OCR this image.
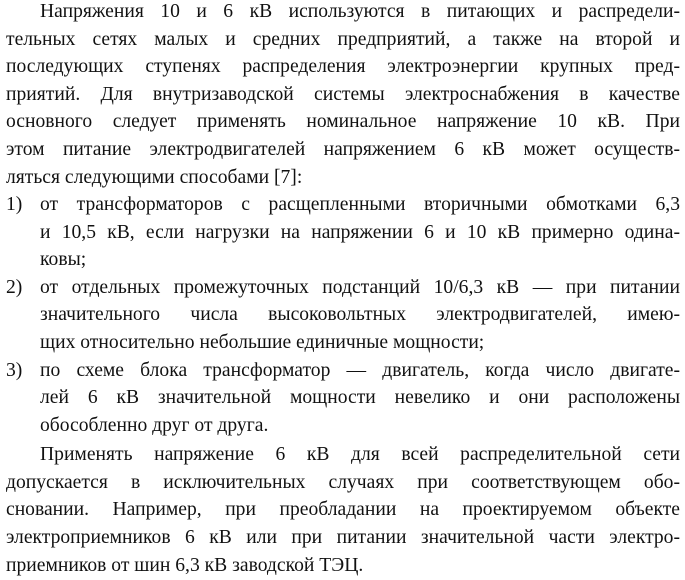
Напряжения 10 и 6 кВ используются в питающих и распредели-
тельных сетях малых и средних предприятий, а также на второй и
последующих ступенях распределения электроэнергии крупных пред-
приятий. Для внутризаводской системы электроснабжения в качестве
основного следует применять номинальное напряжение 10 кВ. При
этом питание электродвигателей напряжением 6 кВ может осуществ-
ляться следующими способами [7]:
1) от трансформаторов с расщепленными вторичными обмотками 6,3
и 10,5 кВ, если нагрузки на напряжении 6 и 10 кВ примерно одина-
ковы;
2) от отдельных промежуточных подстанций 10/6,3 кВ — при питании
значительного числа высоковольтных электродвигателей, имею-
щих относительно небольшие единичные мощности;
3) по схеме блока трансформатор — двигатель, когда число двигате-
лей 6 кВ значительной мощности невелико и они расположены
обособленно друг от друга.
Применять напряжение 6 кВ для всей распределительной сети
допускается в исключительных случаях при соответствующем обо-
сновании. Например, при преобладании на проектируемом объекте
электроприемников 6 кВ или при питании значительной части электро-
приемников от шин 6,3 кВ заводской ТЭЦ.
